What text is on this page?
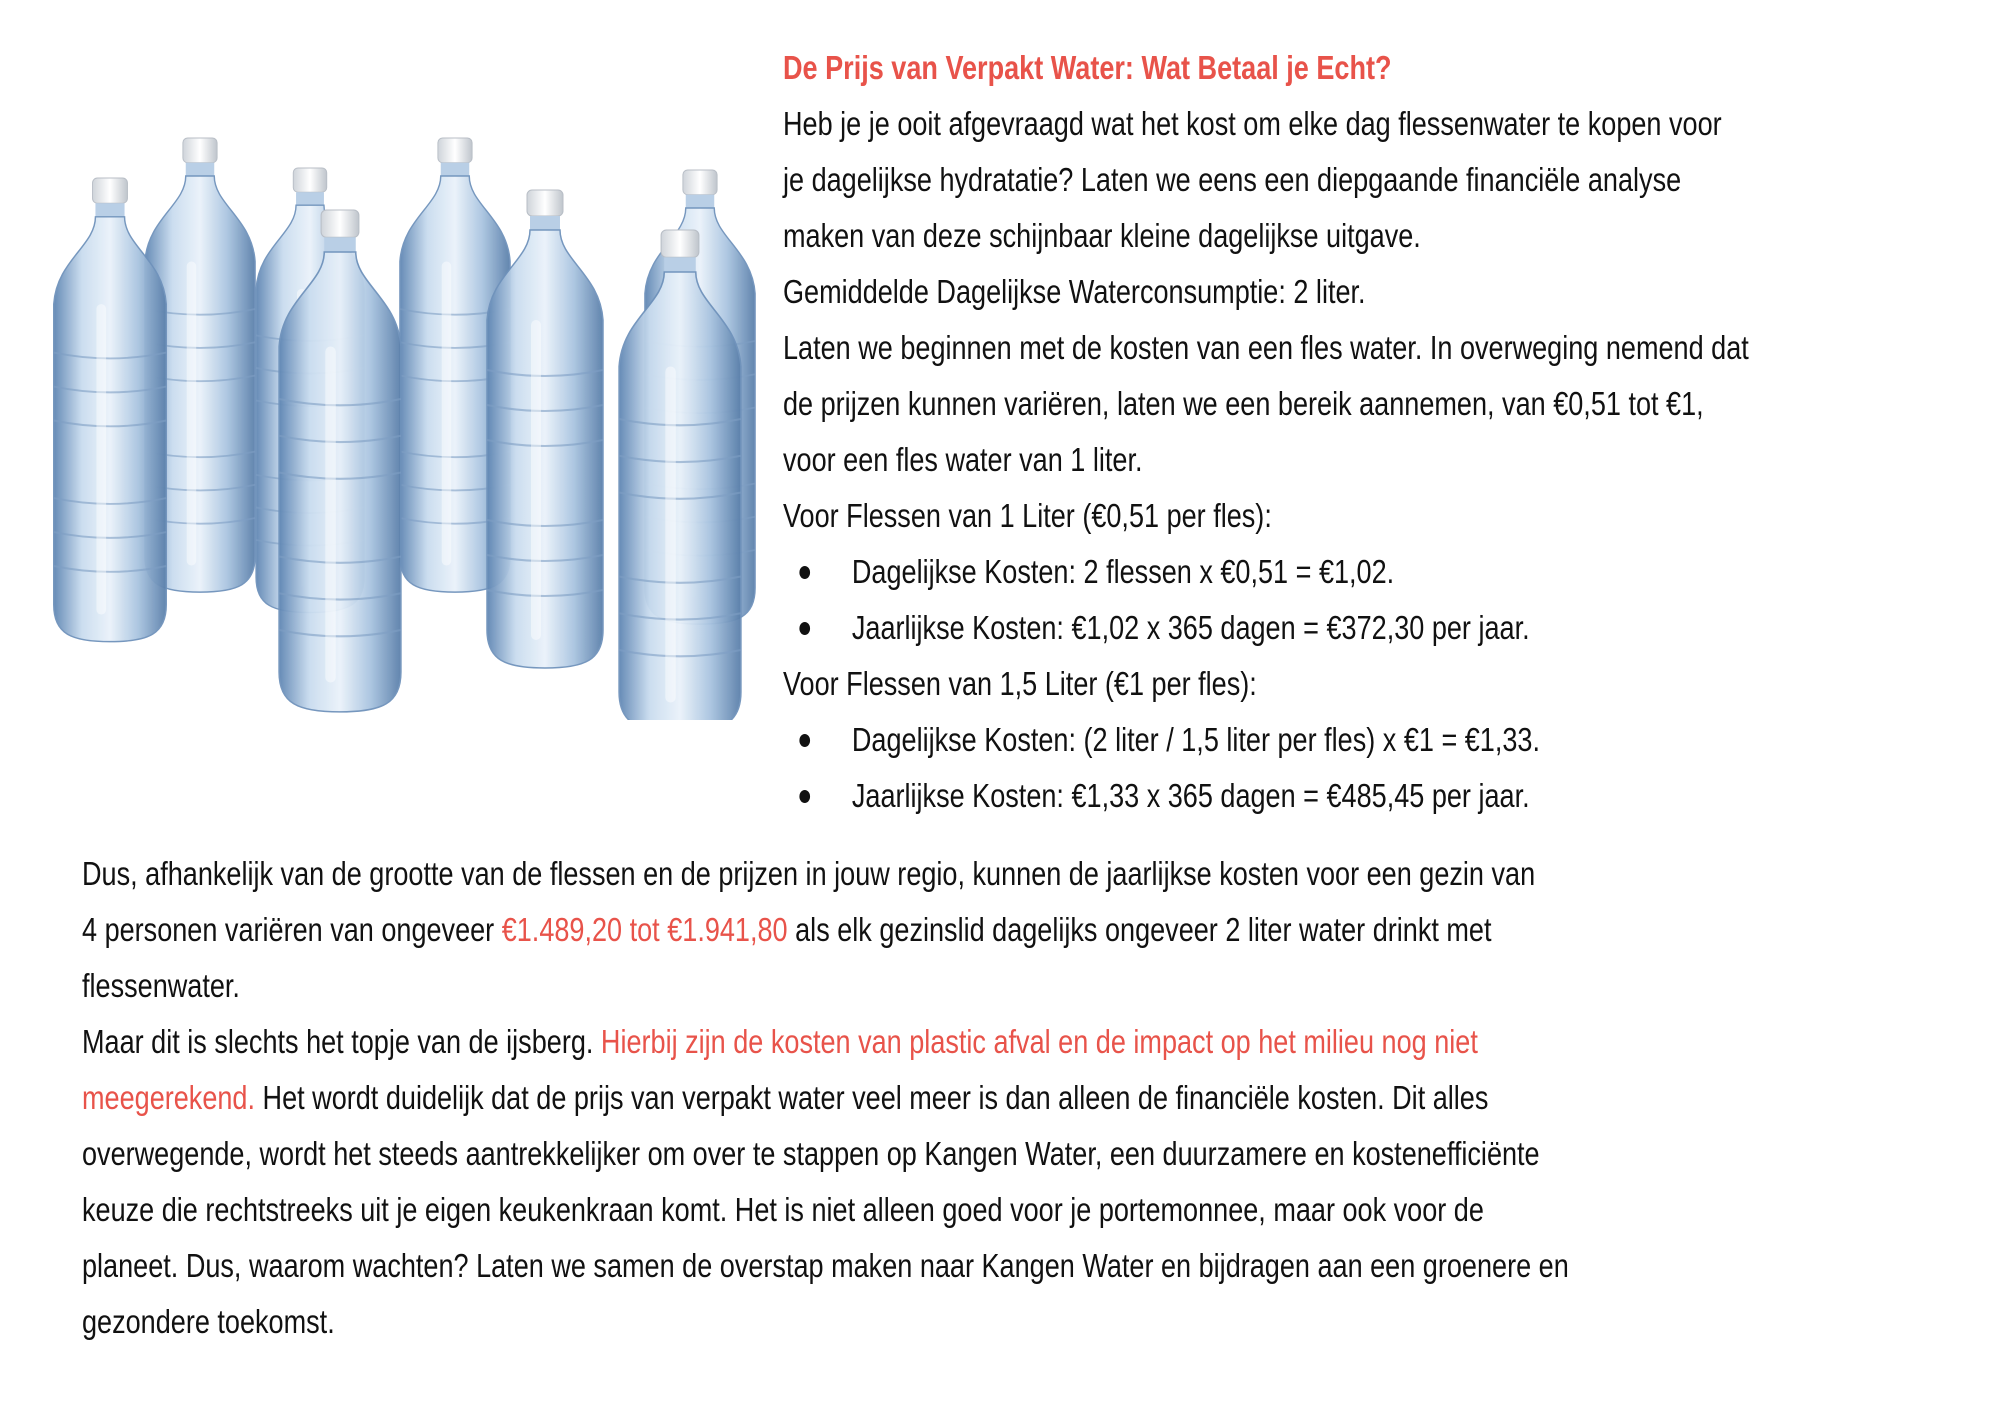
De Prijs van Verpakt Water: Wat Betaal je Echt?

Heb je je ooit afgevraagd wat het kost om elke dag flessenwater te kopen voor

je dagelijkse hydratatie? Laten we eens een diepgaande financiële analyse

maken van deze schijnbaar kleine dagelijkse uitgave.

Gemiddelde Dagelijkse Waterconsumptie: 2 liter.

Laten we beginnen met de kosten van een fles water. In overweging nemend dat

de prijzen kunnen variëren, laten we een bereik aannemen, van €0,51 tot €1,

voor een fles water van 1 liter.

Voor Flessen van 1 Liter (€0,51 per fles):

Dagelijkse Kosten: 2 flessen x €0,51 = €1,02.
Jaarlijkse Kosten: €1,02 x 365 dagen = €372,30 per jaar.

Voor Flessen van 1,5 Liter (€1 per fles):

Dagelijkse Kosten: (2 liter / 1,5 liter per fles) x €1 = €1,33.
Jaarlijkse Kosten: €1,33 x 365 dagen = €485,45 per jaar.

Dus, afhankelijk van de grootte van de flessen en de prijzen in jouw regio, kunnen de jaarlijkse kosten voor een gezin van

4 personen variëren van ongeveer €1.489,20 tot €1.941,80 als elk gezinslid dagelijks ongeveer 2 liter water drinkt met

flessenwater.

Maar dit is slechts het topje van de ijsberg. Hierbij zijn de kosten van plastic afval en de impact op het milieu nog niet

meegerekend. Het wordt duidelijk dat de prijs van verpakt water veel meer is dan alleen de financiële kosten. Dit alles

overwegende, wordt het steeds aantrekkelijker om over te stappen op Kangen Water, een duurzamere en kostenefficiënte

keuze die rechtstreeks uit je eigen keukenkraan komt. Het is niet alleen goed voor je portemonnee, maar ook voor de

planeet. Dus, waarom wachten? Laten we samen de overstap maken naar Kangen Water en bijdragen aan een groenere en

gezondere toekomst.
